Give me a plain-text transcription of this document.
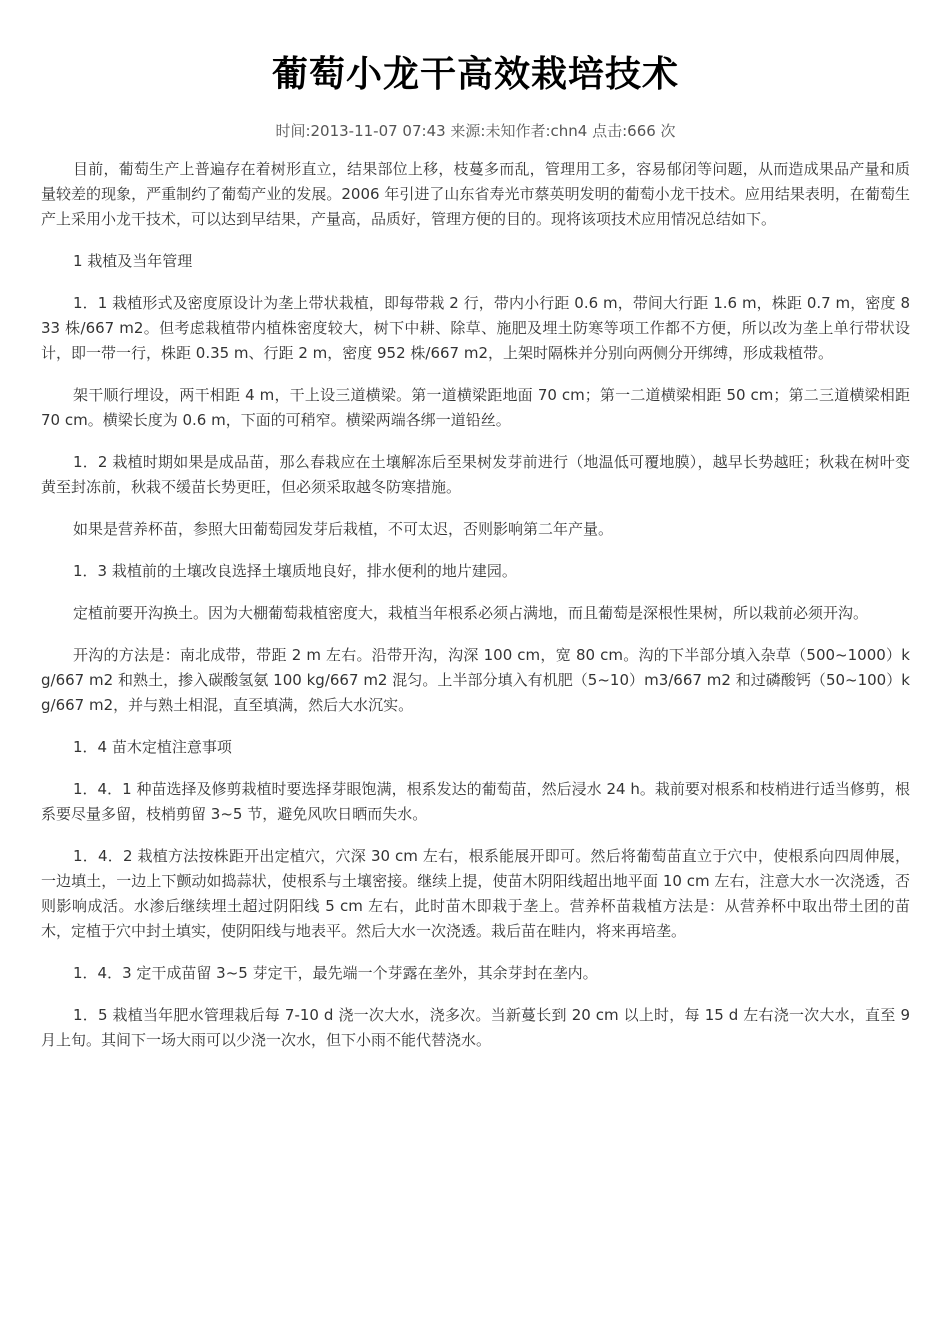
葡萄小龙干高效栽培技术
时间:2013-11-07 07:43 来源:未知作者:chn4 点击:666 次

目前，葡萄生产上普遍存在着树形直立，结果部位上移，枝蔓多而乱，管理用工多，容易郁闭等问题，从而造成果品产量和质量较差的现象，严重制约了葡萄产业的发展。2006 年引进了山东省寿光市蔡英明发明的葡萄小龙干技术。应用结果表明，在葡萄生产上采用小龙干技术，可以达到早结果，产量高，品质好，管理方便的目的。现将该项技术应用情况总结如下。

1 栽植及当年管理

1．1 栽植形式及密度原设计为垄上带状栽植，即每带栽 2 行，带内小行距 0.6 m，带间大行距 1.6 m，株距 0.7 m，密度 833 株/667 m2。但考虑栽植带内植株密度较大，树下中耕、除草、施肥及埋土防寒等项工作都不方便，所以改为垄上单行带状设计，即一带一行，株距 0.35 m、行距 2 m，密度 952 株/667 m2，上架时隔株并分别向两侧分开绑缚，形成栽植带。

架干顺行埋设，两干相距 4 m，干上设三道横梁。第一道横梁距地面 70 cm；第一二道横梁相距 50 cm；第二三道横梁相距 70 cm。横梁长度为 0.6 m，下面的可稍窄。横梁两端各绑一道铅丝。

1．2 栽植时期如果是成品苗，那么春栽应在土壤解冻后至果树发芽前进行（地温低可覆地膜），越早长势越旺；秋栽在树叶变黄至封冻前，秋栽不缓苗长势更旺，但必须采取越冬防寒措施。

如果是营养杯苗，参照大田葡萄园发芽后栽植，不可太迟，否则影响第二年产量。

1．3 栽植前的土壤改良选择土壤质地良好，排水便利的地片建园。

定植前要开沟换土。因为大棚葡萄栽植密度大，栽植当年根系必须占满地，而且葡萄是深根性果树，所以栽前必须开沟。

开沟的方法是：南北成带，带距 2 m 左右。沿带开沟，沟深 100 cm，宽 80 cm。沟的下半部分填入杂草（500~1000）kg/667 m2 和熟土，掺入碳酸氢氨 100 kg/667 m2 混匀。上半部分填入有机肥（5~10）m3/667 m2 和过磷酸钙（50~100）kg/667 m2，并与熟土相混，直至填满，然后大水沉实。

1．4 苗木定植注意事项

1．4．1 种苗选择及修剪栽植时要选择芽眼饱满，根系发达的葡萄苗，然后浸水 24 h。栽前要对根系和枝梢进行适当修剪，根系要尽量多留，枝梢剪留 3~5 节，避免风吹日晒而失水。

1．4．2 栽植方法按株距开出定植穴，穴深 30 cm 左右，根系能展开即可。然后将葡萄苗直立于穴中，使根系向四周伸展，一边填土，一边上下颤动如捣蒜状，使根系与土壤密接。继续上提，使苗木阴阳线超出地平面 10 cm 左右，注意大水一次浇透，否则影响成活。水渗后继续埋土超过阴阳线 5 cm 左右，此时苗木即栽于垄上。营养杯苗栽植方法是：从营养杯中取出带土团的苗木，定植于穴中封土填实，使阴阳线与地表平。然后大水一次浇透。栽后苗在畦内，将来再培垄。

1．4．3 定干成苗留 3~5 芽定干，最先端一个芽露在垄外，其余芽封在垄内。

1．5 栽植当年肥水管理栽后每 7-10 d 浇一次大水，浇多次。当新蔓长到 20 cm 以上时，每 15 d 左右浇一次大水，直至 9 月上旬。其间下一场大雨可以少浇一次水，但下小雨不能代替浇水。
